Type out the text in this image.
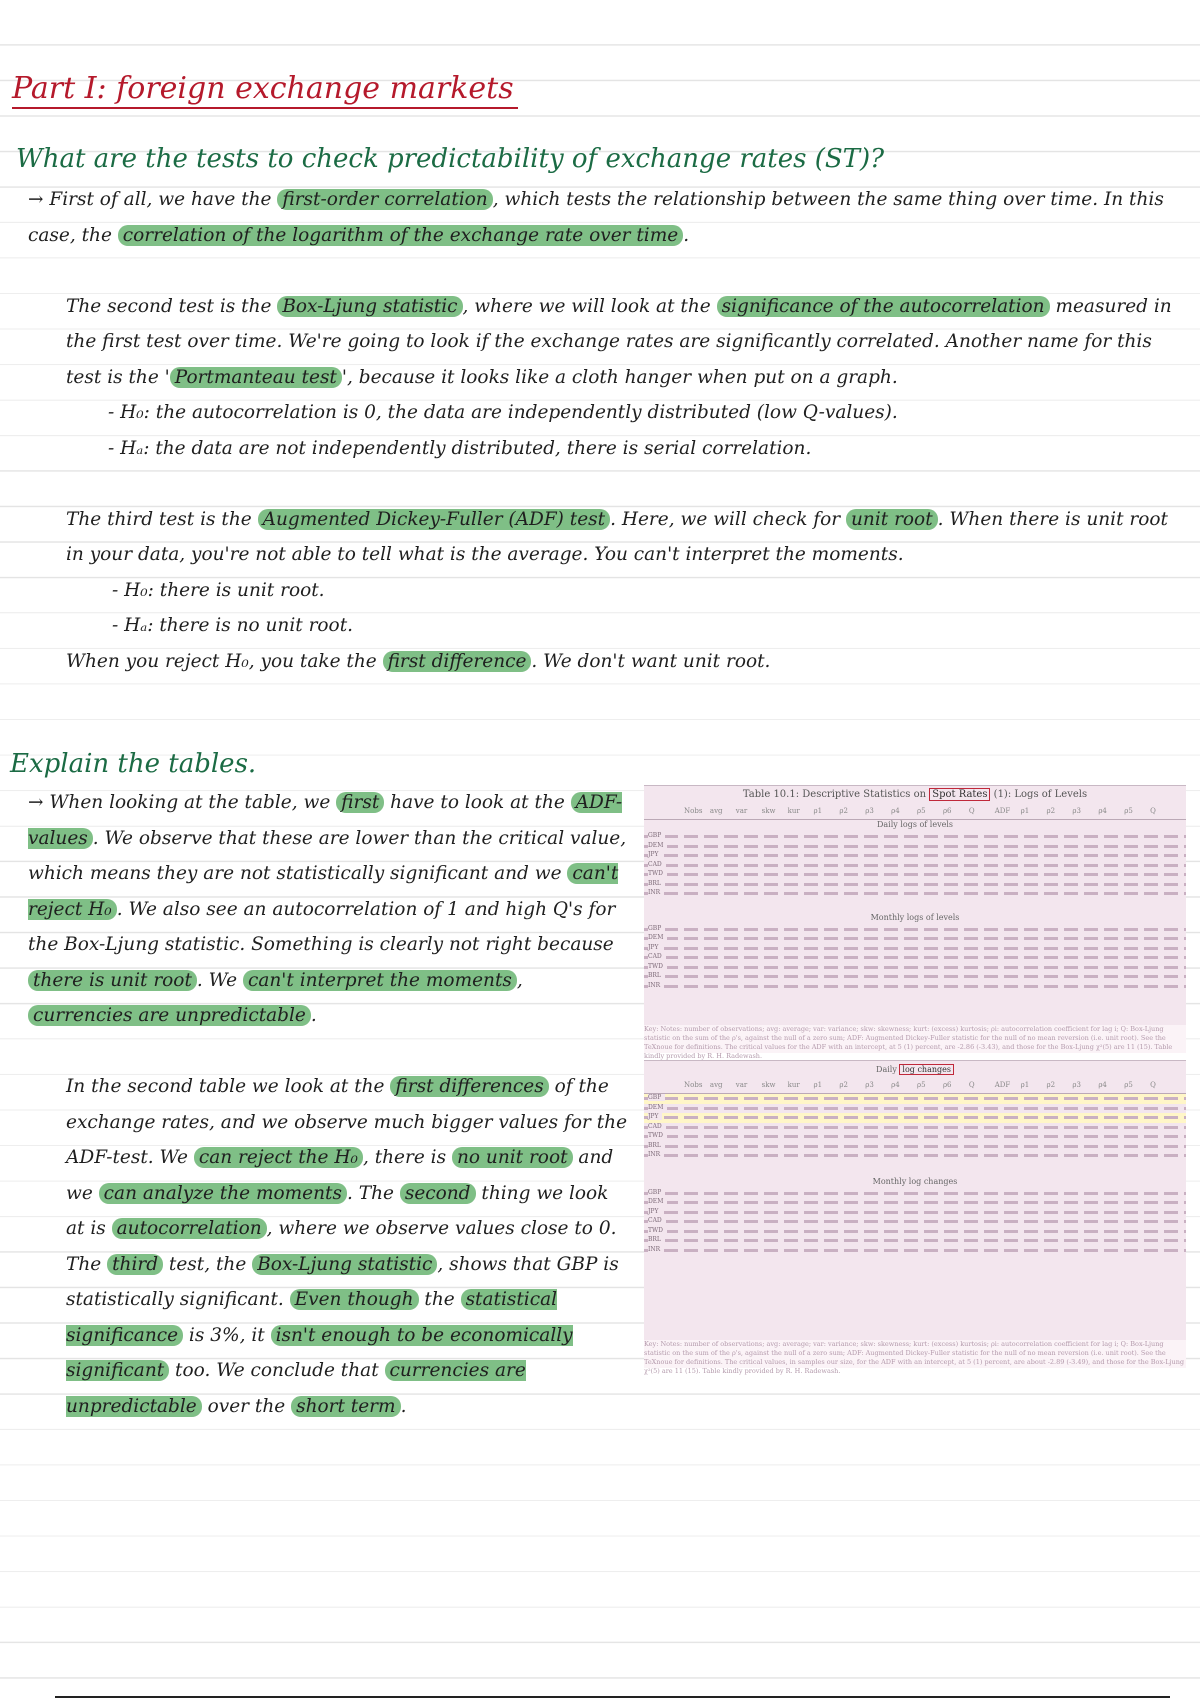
Part I: foreign exchange markets
What are the tests to check predictability of exchange rates (ST)?

→ First of all, we have the first-order correlation , which tests the relationship between the same thing over time. In this case, the correlation of the logarithm of the exchange rate over time .

The second test is the Box-Ljung statistic , where we will look at the significance of the autocorrelation measured in the first test over time. We're going to look if the exchange rates are significantly correlated. Another name for this test is the ' Portmanteau test ', because it looks like a cloth hanger when put on a graph.

- H₀: the autocorrelation is 0, the data are independently distributed (low Q-values).

- Hₐ: the data are not independently distributed, there is serial correlation.

The third test is the Augmented Dickey-Fuller (ADF) test . Here, we will check for unit root . When there is unit root in your data, you're not able to tell what is the average. You can't interpret the moments.

- H₀: there is unit root.

- Hₐ: there is no unit root.

When you reject H₀, you take the first difference . We don't want unit root.

Explain the tables.

→ When looking at the table, we first have to look at the ADF-values . We observe that these are lower than the critical value, which means they are not statistically significant and we can't reject H₀ . We also see an autocorrelation of 1 and high Q's for the Box-Ljung statistic. Something is clearly not right because there is unit root . We can't interpret the moments , currencies are unpredictable .

In the second table we look at the first differences of the exchange rates, and we observe much bigger values for the ADF-test. We can reject the H₀ , there is no unit root and we can analyze the moments . The second thing we look at is autocorrelation , where we observe values close to 0. The third test, the Box-Ljung statistic , shows that GBP is statistically significant. Even though the statistical significance is 3%, it isn't enough to be economically significant too. We conclude that currencies are unpredictable over the short term .

Table 10.1: Descriptive Statistics on Spot Rates (1): Logs of Levels
Nobs avg var skw kur ρ1 ρ2 ρ3 ρ4 ρ5 ρ6 Q	ADF ρ1 ρ2 ρ3 ρ4 ρ5 Q
Daily logs of levels
GBP
DEM
JPY
CAD
TWD
BRL
INR
Monthly logs of levels
GBP
DEM
JPY
CAD
TWD
BRL
INR
Key: Notes: number of observations; avg: average; var: variance; skw: skewness; kurt: (excess) kurtosis; ρi: autocorrelation coefficient for lag i; Q: Box-Ljung statistic on the sum of the ρ's, against the null of a zero sum; ADF: Augmented Dickey-Fuller statistic for the null of no mean reversion (i.e. unit root). See the TeXnoue for definitions. The critical values for the ADF with an intercept, at 5 (1) percent, are -2.86 (-3.43), and those for the Box-Ljung χ²(5) are 11 (15). Table kindly provided by R. H. Radewash.
Daily log changes
Nobs avg var skw kur ρ1 ρ2 ρ3 ρ4 ρ5 ρ6 Q	ADF ρ1 ρ2 ρ3 ρ4 ρ5 Q
GBP
DEM
JPY
CAD
TWD
BRL
INR
Monthly log changes
GBP
DEM
JPY
CAD
TWD
BRL
INR
Key: Notes: number of observations; avg: average; var: variance; skw: skewness; kurt: (excess) kurtosis; ρi: autocorrelation coefficient for lag i; Q: Box-Ljung statistic on the sum of the ρ's, against the null of a zero sum; ADF: Augmented Dickey-Fuller statistic for the null of no mean reversion (i.e. unit root). See the TeXnoue for definitions. The critical values, in samples our size, for the ADF with an intercept, at 5 (1) percent, are about -2.89 (-3.49), and those for the Box-Ljung χ²(5) are 11 (15). Table kindly provided by R. H. Radewash.
